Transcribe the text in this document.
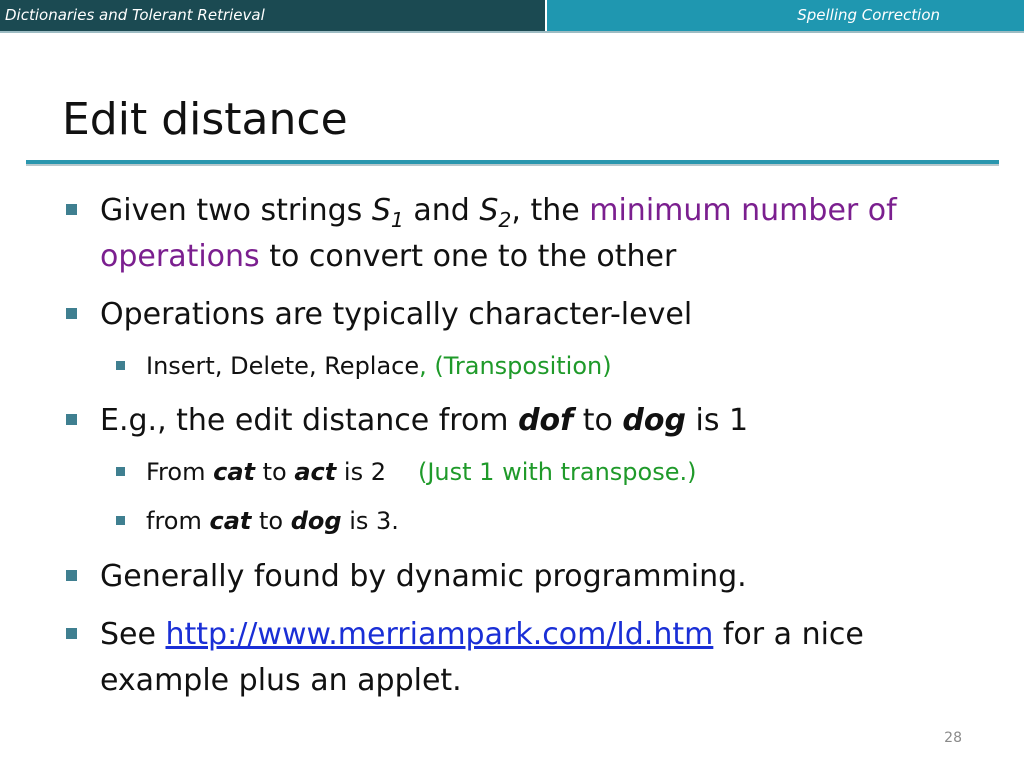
Dictionaries and Tolerant Retrieval	Spelling Correction
Edit distance
Given two strings $S_1$ and $S_2$, the minimum number of operations to convert one to the other
Operations are typically character-level
Insert, Delete, Replace, (Transposition)
E.g., the edit distance from dof to dog is 1
From cat to act is 2 (Just 1 with transpose.)
from cat to dog is 3.
Generally found by dynamic programming.
See http://www.merriampark.com/ld.htm for a nice example plus an applet.
28
